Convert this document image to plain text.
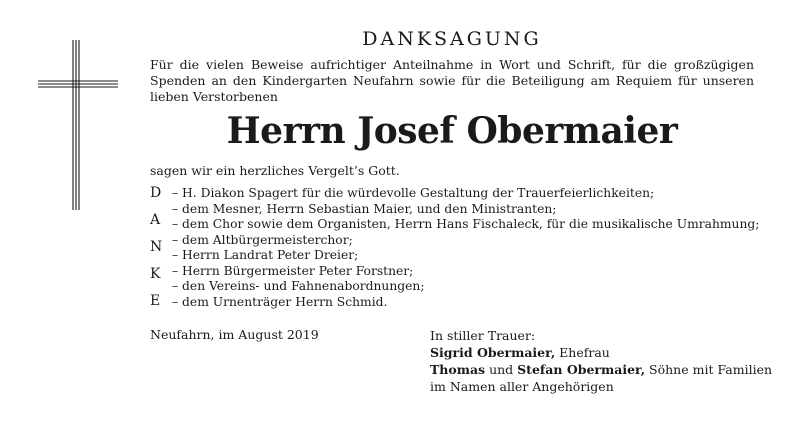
DANKSAGUNG
Für die vielen Beweise aufrichtiger Anteilnahme in Wort und Schrift, für die großzügigen Spenden an den Kindergarten Neufahrn sowie für die Beteiligung am Requiem für unseren lieben Verstorbenen
Herrn Josef Obermaier
sagen wir ein herzliches Vergelt’s Gott.
D
A
N
K
E
– H. Diakon Spagert für die würdevolle Gestaltung der Trauerfeierlichkeiten;
– dem Mesner, Herrn Sebastian Maier, und den Ministranten;
– dem Chor sowie dem Organisten, Herrn Hans Fischaleck, für die musikalische Umrahmung;
– dem Altbürgermeisterchor;
– Herrn Landrat Peter Dreier;
– Herrn Bürgermeister Peter Forstner;
– den Vereins- und Fahnenabordnungen;
– dem Urnenträger Herrn Schmid.
Neufahrn, im August 2019	In stiller Trauer:
Sigrid Obermaier, Ehefrau
Thomas und Stefan Obermaier, Söhne mit Familien
im Namen aller Angehörigen
